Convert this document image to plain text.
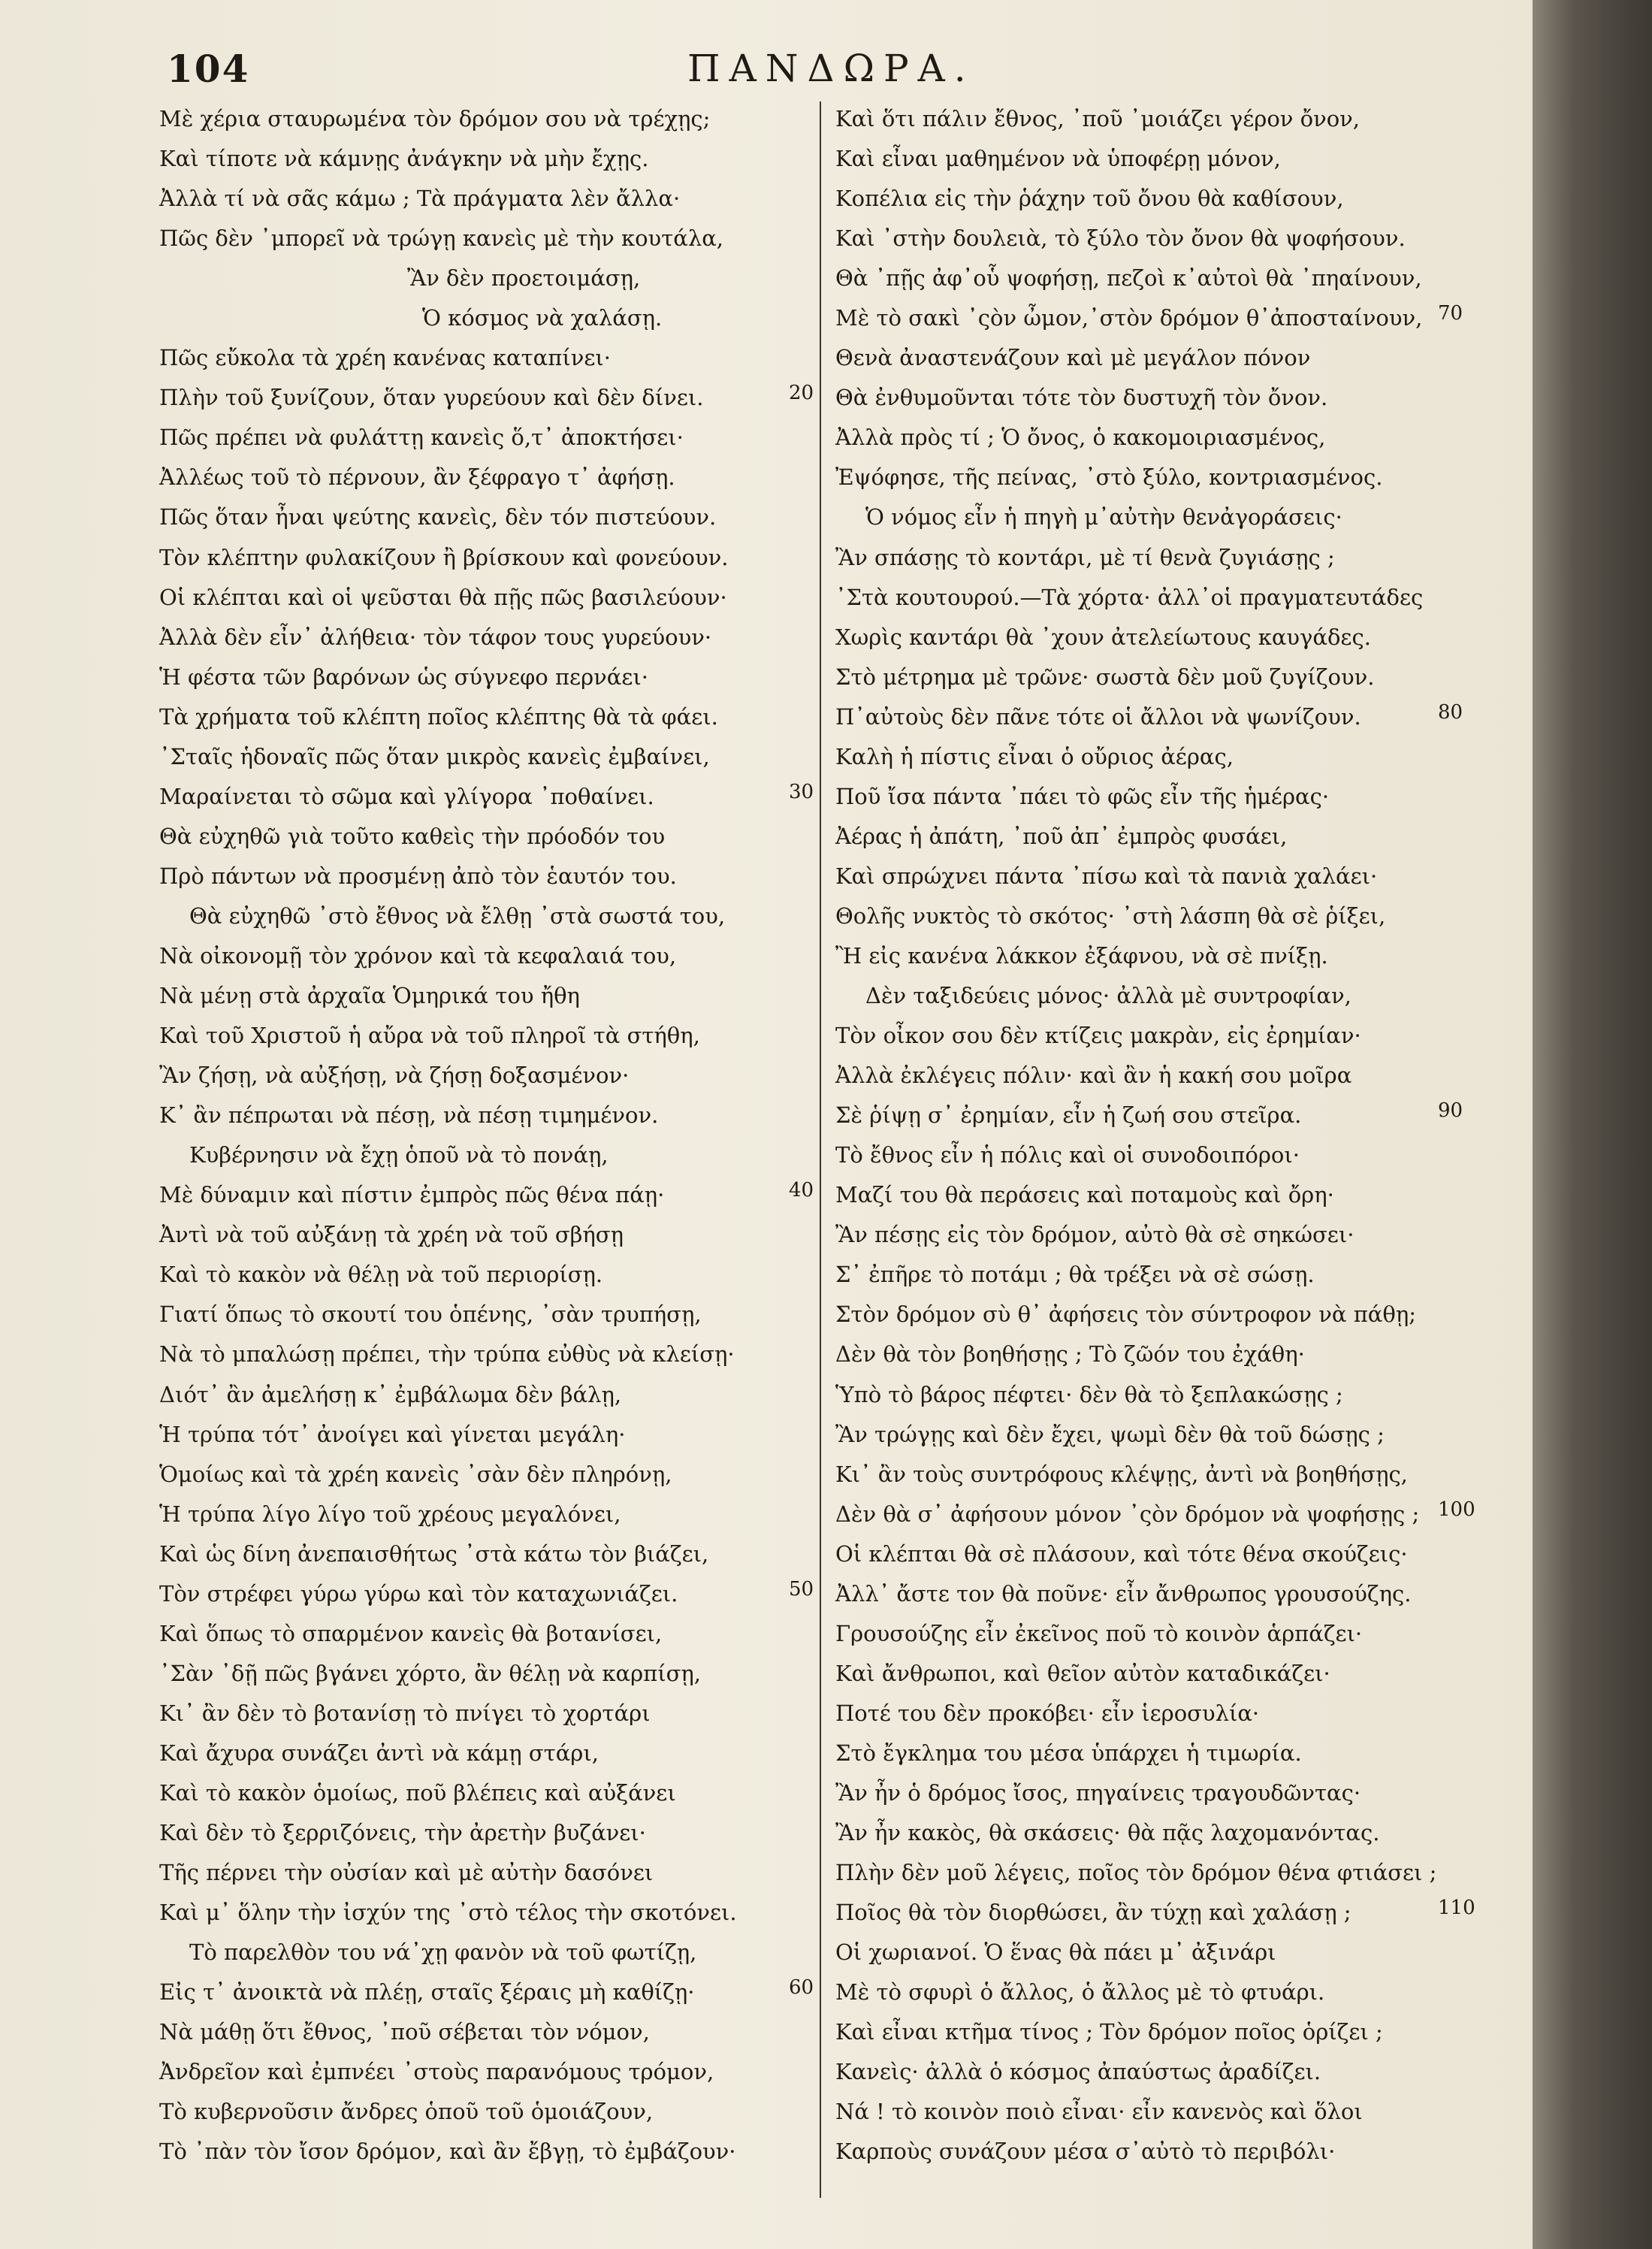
104	ΠΑΝΔΩΡΑ.
Μὲ χέρια σταυρωμένα τὸν δρόμον σου νὰ τρέχῃς;
Καὶ τίποτε νὰ κάμνῃς ἀνάγκην νὰ μὴν ἔχῃς.
Ἀλλὰ τί νὰ σᾶς κάμω ; Τὰ πράγματα λὲν ἄλλα·
Πῶς δὲν ᾽μπορεῖ νὰ τρώγῃ κανεὶς μὲ τὴν κουτάλα,
Ἂν δὲν προετοιμάσῃ,
Ὁ κόσμος νὰ χαλάσῃ.
Πῶς εὔκολα τὰ χρέη κανένας καταπίνει·
Πλὴν τοῦ ξυνίζουν, ὅταν γυρεύουν καὶ δὲν δίνει.	20
Πῶς πρέπει νὰ φυλάττῃ κανεὶς ὅ,τ᾽ ἀποκτήσει·
Ἀλλέως τοῦ τὸ πέρνουν, ἂν ξέφραγο τ᾽ ἀφήσῃ.
Πῶς ὅταν ἦναι ψεύτης κανεὶς, δὲν τόν πιστεύουν.
Τὸν κλέπτην φυλακίζουν ἢ βρίσκουν καὶ φονεύουν.
Οἱ κλέπται καὶ οἱ ψεῦσται θὰ πῇς πῶς βασιλεύουν·
Ἀλλὰ δὲν εἶν᾽ ἀλήθεια· τὸν τάφον τους γυρεύουν·
Ἡ φέστα τῶν βαρόνων ὡς σύγνεφο περνάει·
Τὰ χρήματα τοῦ κλέπτη ποῖος κλέπτης θὰ τὰ φάει.
᾽Σταῖς ἡδοναῖς πῶς ὅταν μικρὸς κανεὶς ἐμβαίνει,
Μαραίνεται τὸ σῶμα καὶ γλίγορα ᾽ποθαίνει.	30
Θὰ εὐχηθῶ γιὰ τοῦτο καθεὶς τὴν πρόοδόν του
Πρὸ πάντων νὰ προσμένῃ ἀπὸ τὸν ἑαυτόν του.
Θὰ εὐχηθῶ ᾽στὸ ἔθνος νὰ ἔλθῃ ᾽στὰ σωστά του,
Νὰ οἰκονομῇ τὸν χρόνον καὶ τὰ κεφαλαιά του,
Νὰ μένῃ στὰ ἀρχαῖα Ὁμηρικά του ἤθη
Καὶ τοῦ Χριστοῦ ἡ αὔρα νὰ τοῦ πληροῖ τὰ στήθη,
Ἂν ζήσῃ, νὰ αὐξήσῃ, νὰ ζήσῃ δοξασμένον·
Κ᾽ ἂν πέπρωται νὰ πέσῃ, νὰ πέσῃ τιμημένον.
Κυβέρνησιν νὰ ἔχῃ ὁποῦ νὰ τὸ πονάῃ,
Μὲ δύναμιν καὶ πίστιν ἐμπρὸς πῶς θένα πάῃ·	40
Ἀντὶ νὰ τοῦ αὐξάνῃ τὰ χρέη νὰ τοῦ σβήσῃ
Καὶ τὸ κακὸν νὰ θέλῃ νὰ τοῦ περιορίσῃ.
Γιατί ὅπως τὸ σκουτί του ὁπένης, ᾽σὰν τρυπήσῃ,
Νὰ τὸ μπαλώσῃ πρέπει, τὴν τρύπα εὐθὺς νὰ κλείσῃ·
Διότ᾽ ἂν ἀμελήσῃ κ᾽ ἐμβάλωμα δὲν βάλῃ,
Ἡ τρύπα τότ᾽ ἀνοίγει καὶ γίνεται μεγάλη·
Ὁμοίως καὶ τὰ χρέη κανεὶς ᾽σὰν δὲν πληρόνῃ,
Ἡ τρύπα λίγο λίγο τοῦ χρέους μεγαλόνει,
Καὶ ὡς δίνη ἀνεπαισθήτως ᾽στὰ κάτω τὸν βιάζει,
Τὸν στρέφει γύρω γύρω καὶ τὸν καταχωνιάζει.	50
Καὶ ὅπως τὸ σπαρμένον κανεὶς θὰ βοτανίσει,
᾽Σὰν ᾽δῇ πῶς βγάνει χόρτο, ἂν θέλῃ νὰ καρπίσῃ,
Κι᾽ ἂν δὲν τὸ βοτανίσῃ τὸ πνίγει τὸ χορτάρι
Καὶ ἄχυρα συνάζει ἀντὶ νὰ κάμῃ στάρι,
Καὶ τὸ κακὸν ὁμοίως, ποῦ βλέπεις καὶ αὐξάνει
Καὶ δὲν τὸ ξερριζόνεις, τὴν ἀρετὴν βυζάνει·
Τῆς πέρνει τὴν οὐσίαν καὶ μὲ αὐτὴν δασόνει
Καὶ μ᾽ ὅλην τὴν ἰσχύν της ᾽στὸ τέλος τὴν σκοτόνει.
Τὸ παρελθὸν του νά᾽χῃ φανὸν νὰ τοῦ φωτίζῃ,
Εἰς τ᾽ ἀνοικτὰ νὰ πλέῃ, σταῖς ξέραις μὴ καθίζῃ·	60
Νὰ μάθῃ ὅτι ἔθνος, ᾽ποῦ σέβεται τὸν νόμον,
Ἀνδρεῖον καὶ ἐμπνέει ᾽στοὺς παρανόμους τρόμον,
Τὸ κυβερνοῦσιν ἄνδρες ὁποῦ τοῦ ὁμοιάζουν,
Τὸ ᾽πὰν τὸν ἴσον δρόμον, καὶ ἂν ἔβγῃ, τὸ ἐμβάζουν·
Καὶ ὅτι πάλιν ἔθνος, ᾽ποῦ ᾽μοιάζει γέρον ὄνον,
Καὶ εἶναι μαθημένον νὰ ὑποφέρῃ μόνον,
Κοπέλια εἰς τὴν ῥάχην τοῦ ὄνου θὰ καθίσουν,
Καὶ ᾽στὴν δουλειὰ, τὸ ξύλο τὸν ὄνον θὰ ψοφήσουν.
Θὰ ᾽πῇς ἀφ᾽οὗ ψοφήσῃ, πεζοὶ κ᾽αὐτοὶ θὰ ᾽πηαίνουν,
Μὲ τὸ σακὶ ᾽ςὸν ὦμον,᾽στὸν δρόμον θ᾽ἀποσταίνουν, 70
Θενὰ ἀναστενάζουν καὶ μὲ μεγάλον πόνον
Θὰ ἐνθυμοῦνται τότε τὸν δυστυχῆ τὸν ὄνον.
Ἀλλὰ πρὸς τί ; Ὁ ὄνος, ὁ κακομοιριασμένος,
Ἐψόφησε, τῆς πείνας, ᾽στὸ ξύλο, κοντριασμένος.
Ὁ νόμος εἶν ἡ πηγὴ μ᾽αὐτὴν θενἀγοράσεις·
Ἂν σπάσῃς τὸ κοντάρι, μὲ τί θενὰ ζυγιάσῃς ;
᾽Στὰ κουτουρού.—Τὰ χόρτα· ἀλλ᾽οἱ πραγματευτάδες
Χωρὶς καντάρι θὰ ᾽χουν ἀτελείωτους καυγάδες.
Στὸ μέτρημα μὲ τρῶνε· σωστὰ δὲν μοῦ ζυγίζουν.
Π᾽αὐτοὺς δὲν πᾶνε τότε οἱ ἄλλοι νὰ ψωνίζουν.	80
Καλὴ ἡ πίστις εἶναι ὁ οὔριος ἀέρας,
Ποῦ ἴσα πάντα ᾽πάει τὸ φῶς εἶν τῆς ἡμέρας·
Ἀέρας ἡ ἀπάτη, ᾽ποῦ ἀπ᾽ ἐμπρὸς φυσάει,
Καὶ σπρώχνει πάντα ᾽πίσω καὶ τὰ πανιὰ χαλάει·
Θολῆς νυκτὸς τὸ σκότος· ᾽στὴ λάσπη θὰ σὲ ῥίξει,
Ἢ εἰς κανένα λάκκον ἐξάφνου, νὰ σὲ πνίξῃ.
Δὲν ταξιδεύεις μόνος· ἀλλὰ μὲ συντροφίαν,
Τὸν οἶκον σου δὲν κτίζεις μακρὰν, εἰς ἐρημίαν·
Ἀλλὰ ἐκλέγεις πόλιν· καὶ ἂν ἡ κακή σου μοῖρα
Σὲ ῥίψῃ σ᾽ ἐρημίαν, εἶν ἡ ζωή σου στεῖρα.	90
Τὸ ἔθνος εἶν ἡ πόλις καὶ οἱ συνοδοιπόροι·
Μαζί του θὰ περάσεις καὶ ποταμοὺς καὶ ὄρη·
Ἂν πέσῃς εἰς τὸν δρόμον, αὐτὸ θὰ σὲ σηκώσει·
Σ᾽ ἐπῆρε τὸ ποτάμι ; θὰ τρέξει νὰ σὲ σώσῃ.
Στὸν δρόμον σὺ θ᾽ ἀφήσεις τὸν σύντροφον νὰ πάθῃ;
Δὲν θὰ τὸν βοηθήσῃς ; Τὸ ζῶόν του ἐχάθη·
Ὑπὸ τὸ βάρος πέφτει· δὲν θὰ τὸ ξεπλακώσῃς ;
Ἂν τρώγῃς καὶ δὲν ἔχει, ψωμὶ δὲν θὰ τοῦ δώσῃς ;
Κι᾽ ἂν τοὺς συντρόφους κλέψῃς, ἀντὶ νὰ βοηθήσῃς,
Δὲν θὰ σ᾽ ἀφήσουν μόνον ᾽ςὸν δρόμον νὰ ψοφήσῃς ; 100
Οἱ κλέπται θὰ σὲ πλάσουν, καὶ τότε θένα σκούζεις·
Ἀλλ᾽ ἄστε τον θὰ ποῦνε· εἶν ἄνθρωπος γρουσούζης.
Γρουσούζης εἶν ἐκεῖνος ποῦ τὸ κοινὸν ἁρπάζει·
Καὶ ἄνθρωποι, καὶ θεῖον αὐτὸν καταδικάζει·
Ποτέ του δὲν προκόβει· εἶν ἱεροσυλία·
Στὸ ἔγκλημα του μέσα ὑπάρχει ἡ τιμωρία.
Ἂν ἦν ὁ δρόμος ἴσος, πηγαίνεις τραγουδῶντας·
Ἂν ἦν κακὸς, θὰ σκάσεις· θὰ πᾷς λαχομανόντας.
Πλὴν δὲν μοῦ λέγεις, ποῖος τὸν δρόμον θένα φτιάσει ;
Ποῖος θὰ τὸν διορθώσει, ἂν τύχῃ καὶ χαλάσῃ ;	110
Οἱ χωριανοί. Ὁ ἕνας θὰ πάει μ᾽ ἀξινάρι
Μὲ τὸ σφυρὶ ὁ ἄλλος, ὁ ἄλλος μὲ τὸ φτυάρι.
Καὶ εἶναι κτῆμα τίνος ; Τὸν δρόμον ποῖος ὁρίζει ;
Κανεὶς· ἀλλὰ ὁ κόσμος ἀπαύστως ἀραδίζει.
Νά ! τὸ κοινὸν ποιὸ εἶναι· εἶν κανενὸς καὶ ὅλοι
Καρποὺς συνάζουν μέσα σ᾽αὐτὸ τὸ περιβόλι·
